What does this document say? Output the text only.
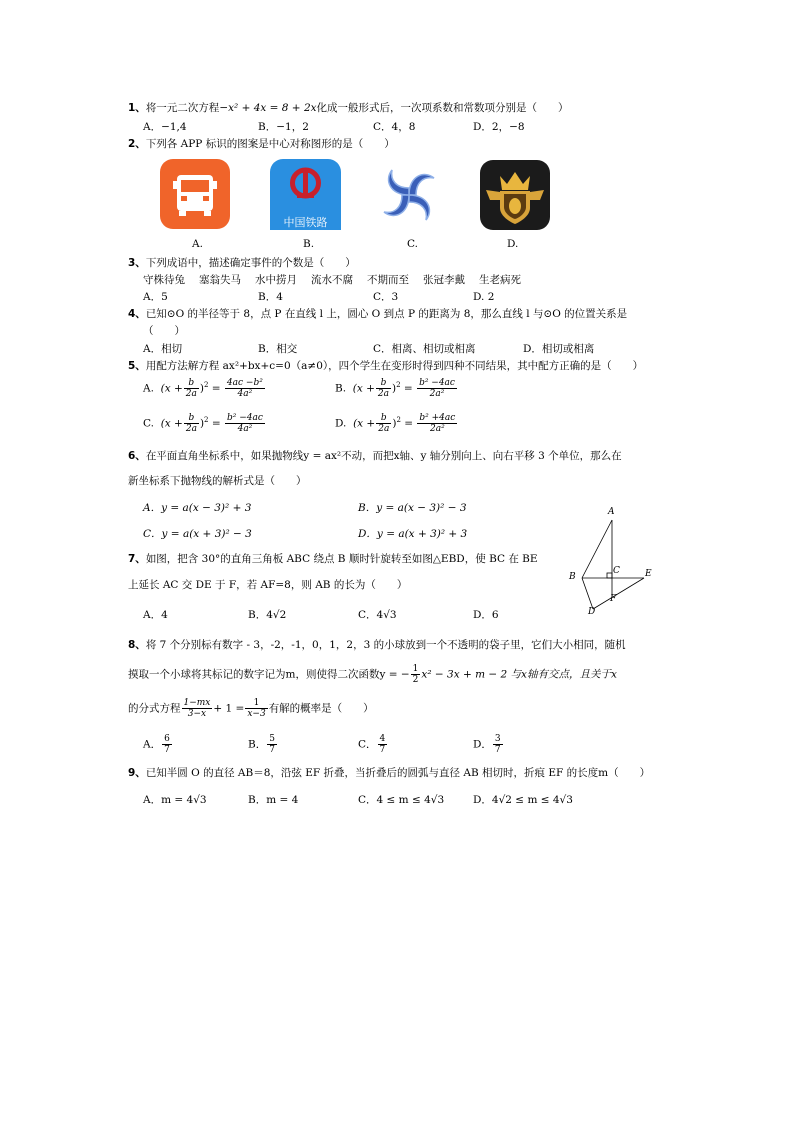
1、将一元二次方程−x² + 4x = 8 + 2x化成一般形式后，一次项系数和常数项分别是（　　）
A．−1,4	B．−1，2	C．4，8	D．2，−8
2、下列各 APP 标识的图案是中心对称图形的是（　　）
A.
中国铁路
B.	C.	D.
3、下列成语中，描述确定事件的个数是（　　）
守株待兔 塞翁失马 水中捞月 流水不腐 不期而至 张冠李戴 生老病死
A．5	B．4	C．3	D. 2
4、已知⊙O 的半径等于 8，点 P 在直线 l 上，圆心 O 到点 P 的距离为 8，那么直线 l 与⊙O 的位置关系是
（　　）
A．相切	B．相交	C．相离、相切或相离	D．相切或相离
5、用配方法解方程 ax²+bx+c=0（a≠0），四个学生在变形时得到四种不同结果，其中配方正确的是（　　）
A. $(x + \frac{b}{2a} )^2 = \frac{\text{4ac −b²}}{\text{4a²}}$	B. $(x + \frac{b}{2a} )^2 = \frac{\text{b² −4ac}}{\text{2a²}}$
C. $(x + \frac{b}{2a} )^2 = \frac{\text{b² −4ac}}{\text{4a²}}$	D. $(x + \frac{b}{2a} )^2 = \frac{\text{b² +4ac}}{\text{2a²}}$
6、在平面直角坐标系中，如果抛物线y = ax²不动，而把x轴、y 轴分别向上、向右平移 3 个单位，那么在
新坐标系下抛物线的解析式是（　　）
A．y = a(x − 3)² + 3	B．y = a(x − 3)² − 3
C．y = a(x + 3)² − 3	D．y = a(x + 3)² + 3
7、如图，把含 30°的直角三角板 ABC 绕点 B 顺时针旋转至如图△EBD，使 BC 在 BE
上延长 AC 交 DE 于 F，若 AF=8，则 AB 的长为（　　）
A．4	B．4√2	C．4√3	D．6
A
B
C	E
D
F
8、将 7 个分别标有数字 - 3，-2，-1，0，1，2，3 的小球放到一个不透明的袋子里，它们大小相同，随机
摸取一个小球将其标记的数字记为m，则使得二次函数y = − $\frac{1}{2} x^2 - 3x + m - 2$ 与x轴有交点，且关于x
的分式方程 $\frac{1-mx}{3-x} + 1 = \frac{1}{x-3}$ 有解的概率是（　　）
A． $\frac{6}{7}$	B． $\frac{5}{7}$	C． $\frac{4}{7}$	D． $\frac{3}{7}$
9、已知半圆 O 的直径 AB＝8，沿弦 EF 折叠，当折叠后的圆弧与直径 AB 相切时，折痕 EF 的长度m（　　）
A．m = 4√3	B．m = 4	C．4 ≤ m ≤ 4√3	D．4√2 ≤ m ≤ 4√3
